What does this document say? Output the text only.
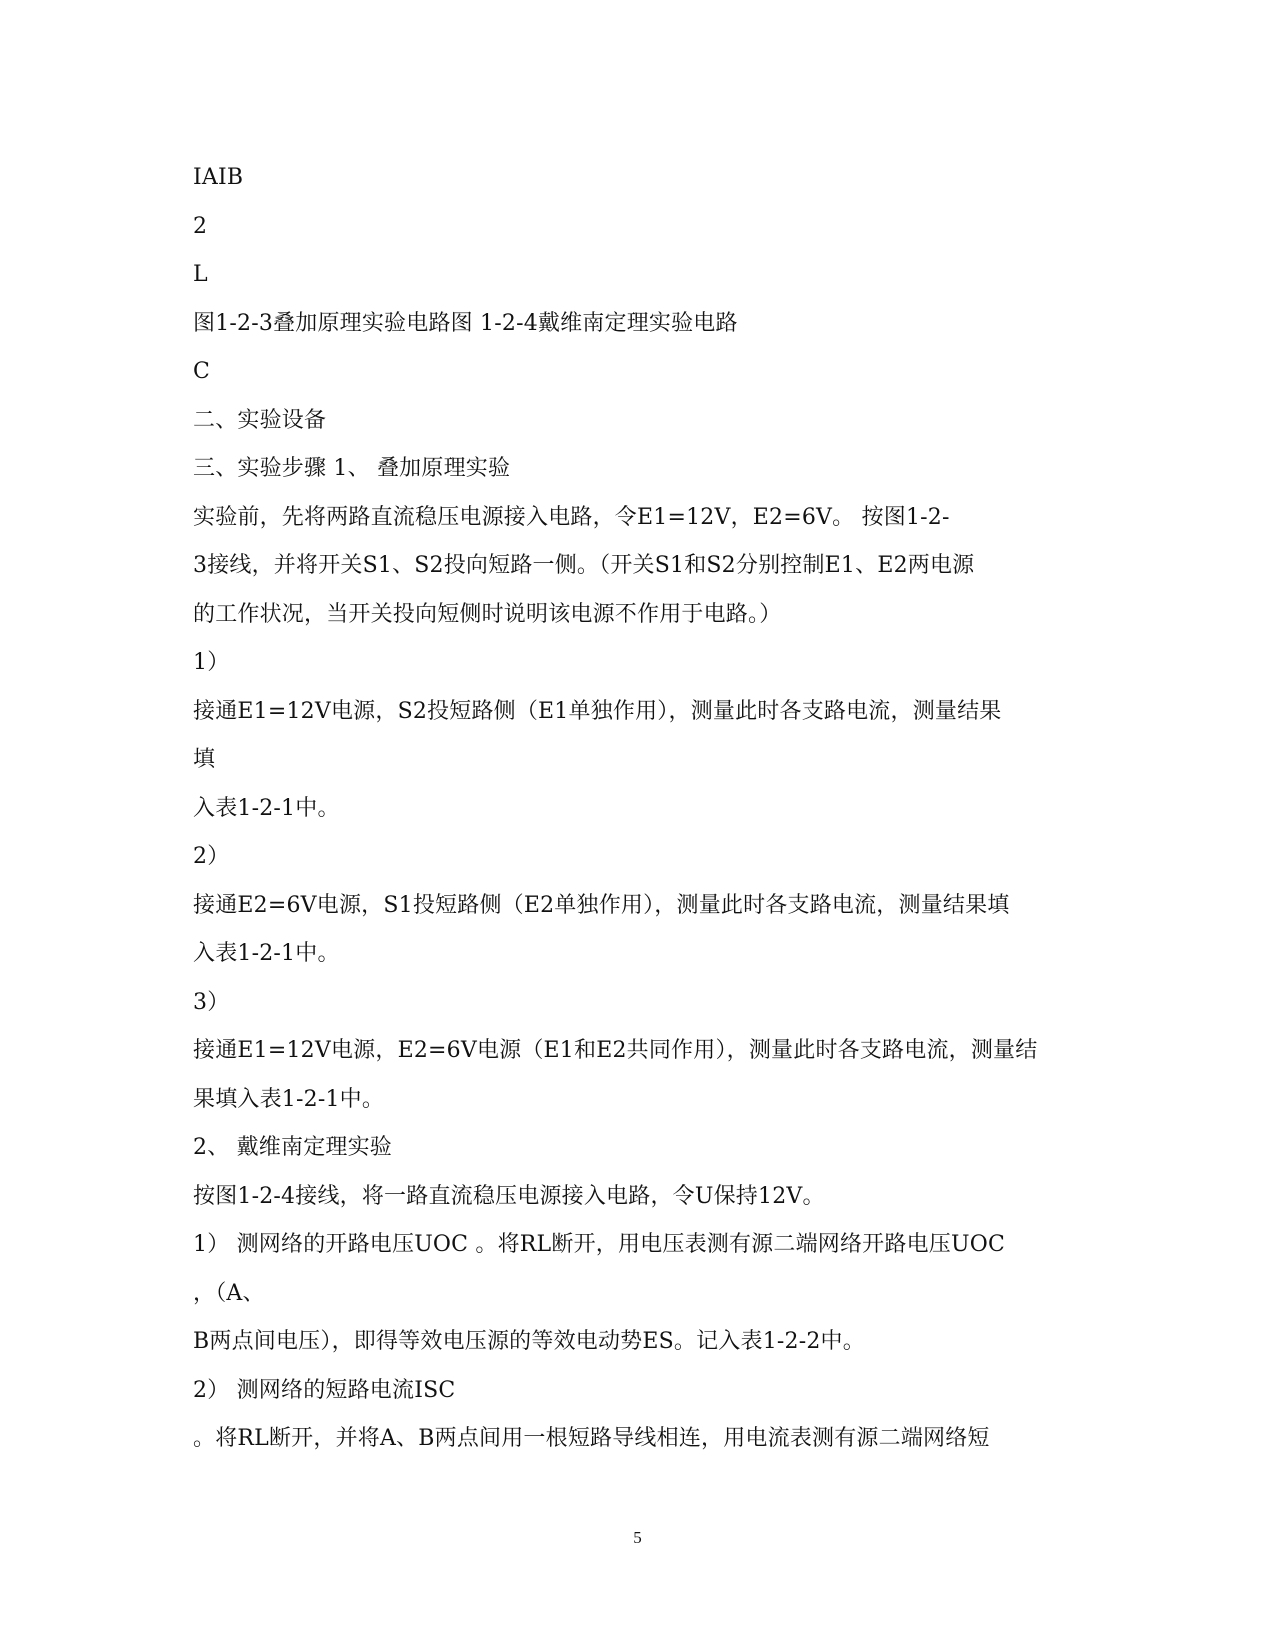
IAIB
2
L
图1-2-3叠加原理实验电路图 1-2-4戴维南定理实验电路
C
二、实验设备
三、实验步骤 1、 叠加原理实验
实验前，先将两路直流稳压电源接入电路，令E1=12V，E2=6V。 按图1-2-
3接线，并将开关S1、S2投向短路一侧。（开关S1和S2分别控制E1、E2两电源
的工作状况，当开关投向短侧时说明该电源不作用于电路。）
1）
接通E1=12V电源，S2投短路侧（E1单独作用），测量此时各支路电流，测量结果
填
入表1-2-1中。
2）
接通E2=6V电源，S1投短路侧（E2单独作用），测量此时各支路电流，测量结果填
入表1-2-1中。
3）
接通E1=12V电源，E2=6V电源（E1和E2共同作用），测量此时各支路电流，测量结
果填入表1-2-1中。
2、 戴维南定理实验
按图1-2-4接线，将一路直流稳压电源接入电路，令U保持12V。
1） 测网络的开路电压UOC 。将RL断开，用电压表测有源二端网络开路电压UOC
，（A、
B两点间电压），即得等效电压源的等效电动势ES。记入表1-2-2中。
2） 测网络的短路电流ISC
。将RL断开，并将A、B两点间用一根短路导线相连，用电流表测有源二端网络短
5
